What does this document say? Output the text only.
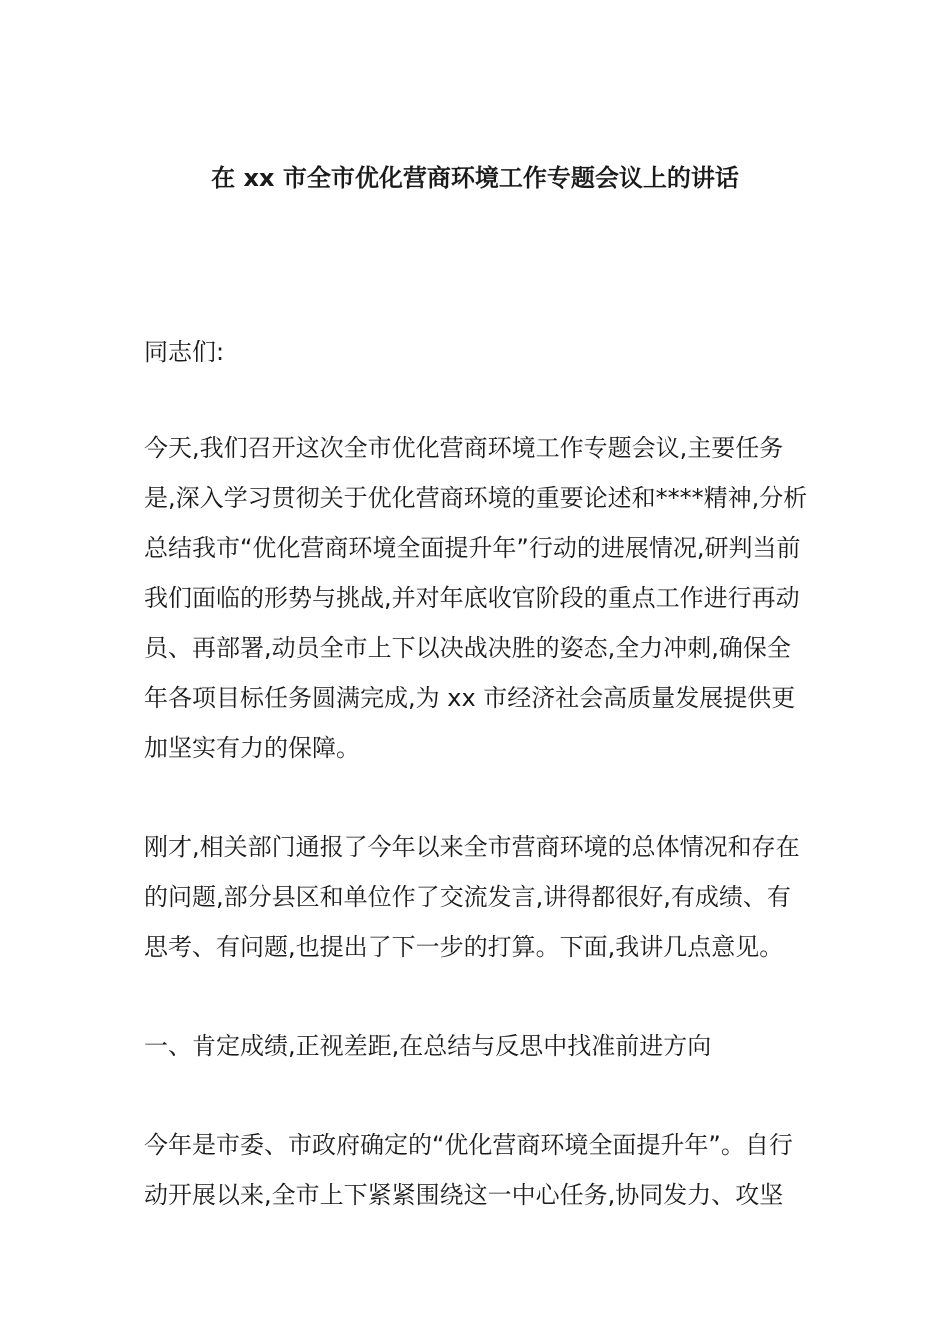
在 xx 市全市优化营商环境工作专题会议上的讲话

同志们:

今天,我们召开这次全市优化营商环境工作专题会议,主要任务是,深入学习贯彻关于优化营商环境的重要论述和****精神,分析总结我市“优化营商环境全面提升年”行动的进展情况,研判当前我们面临的形势与挑战,并对年底收官阶段的重点工作进行再动员、再部署,动员全市上下以决战决胜的姿态,全力冲刺,确保全年各项目标任务圆满完成,为 xx 市经济社会高质量发展提供更加坚实有力的保障。

刚才,相关部门通报了今年以来全市营商环境的总体情况和存在的问题,部分县区和单位作了交流发言,讲得都很好,有成绩、有思考、有问题,也提出了下一步的打算。下面,我讲几点意见。

一、肯定成绩,正视差距,在总结与反思中找准前进方向

今年是市委、市政府确定的“优化营商环境全面提升年”。自行动开展以来,全市上下紧紧围绕这一中心任务,协同发力、攻坚
